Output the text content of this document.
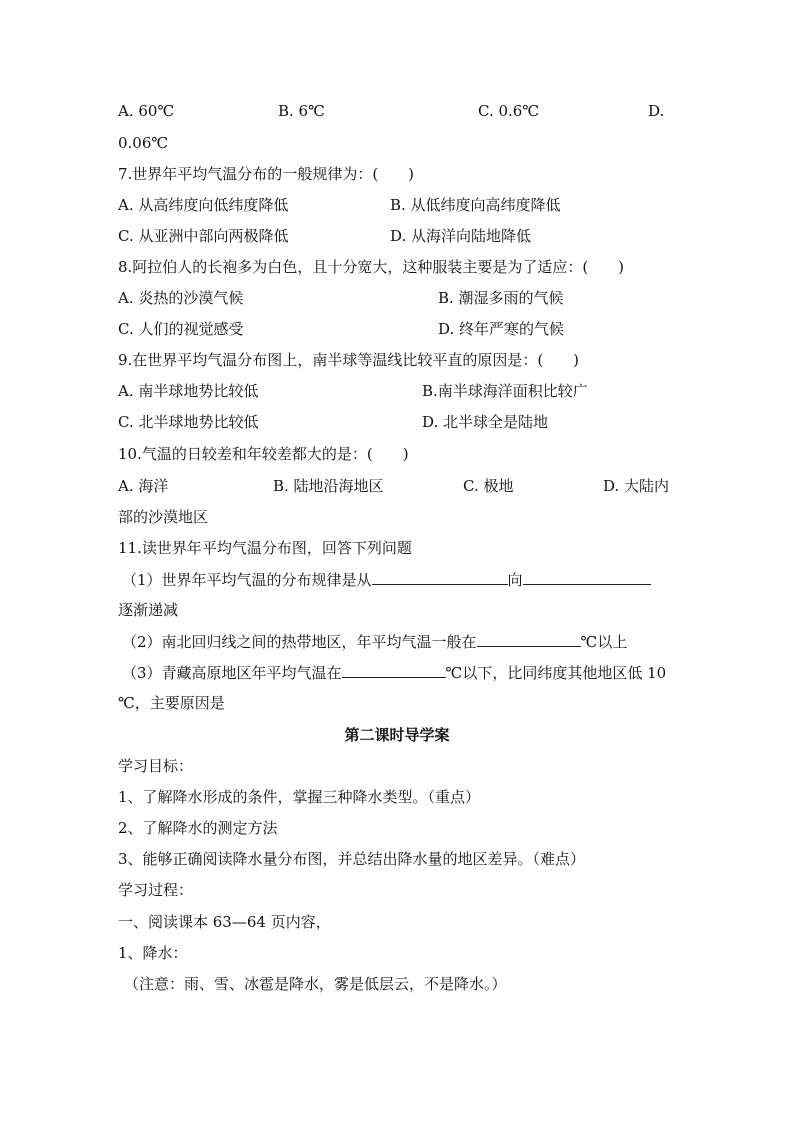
A. 60℃	B. 6℃	C. 0.6℃	D.
0.06℃
7.世界年平均气温分布的一般规律为：(　　)
A. 从高纬度向低纬度降低	B. 从低纬度向高纬度降低
C. 从亚洲中部向两极降低	D. 从海洋向陆地降低
8.阿拉伯人的长袍多为白色，且十分宽大，这种服装主要是为了适应：(　　)
A. 炎热的沙漠气候	B. 潮湿多雨的气候
C. 人们的视觉感受	D. 终年严寒的气候
9.在世界平均气温分布图上，南半球等温线比较平直的原因是：(　　)
A. 南半球地势比较低	B.南半球海洋面积比较广
C. 北半球地势比较低	D. 北半球全是陆地
10.气温的日较差和年较差都大的是：(　　)
A. 海洋	B. 陆地沿海地区	C. 极地	D. 大陆内
部的沙漠地区
11.读世界年平均气温分布图，回答下列问题
（1）世界年平均气温的分布规律是从	向
逐渐递减
（2）南北回归线之间的热带地区，年平均气温一般在	℃以上
（3）青藏高原地区年平均气温在	℃以下，比同纬度其他地区低 10
℃，主要原因是
第二课时导学案
学习目标：
1、了解降水形成的条件，掌握三种降水类型。（重点）
2、了解降水的测定方法
3、能够正确阅读降水量分布图，并总结出降水量的地区差异。（难点）
学习过程：
一、阅读课本 63—64 页内容，
1、降水：
（注意：雨、雪、冰雹是降水，雾是低层云，不是降水。）
